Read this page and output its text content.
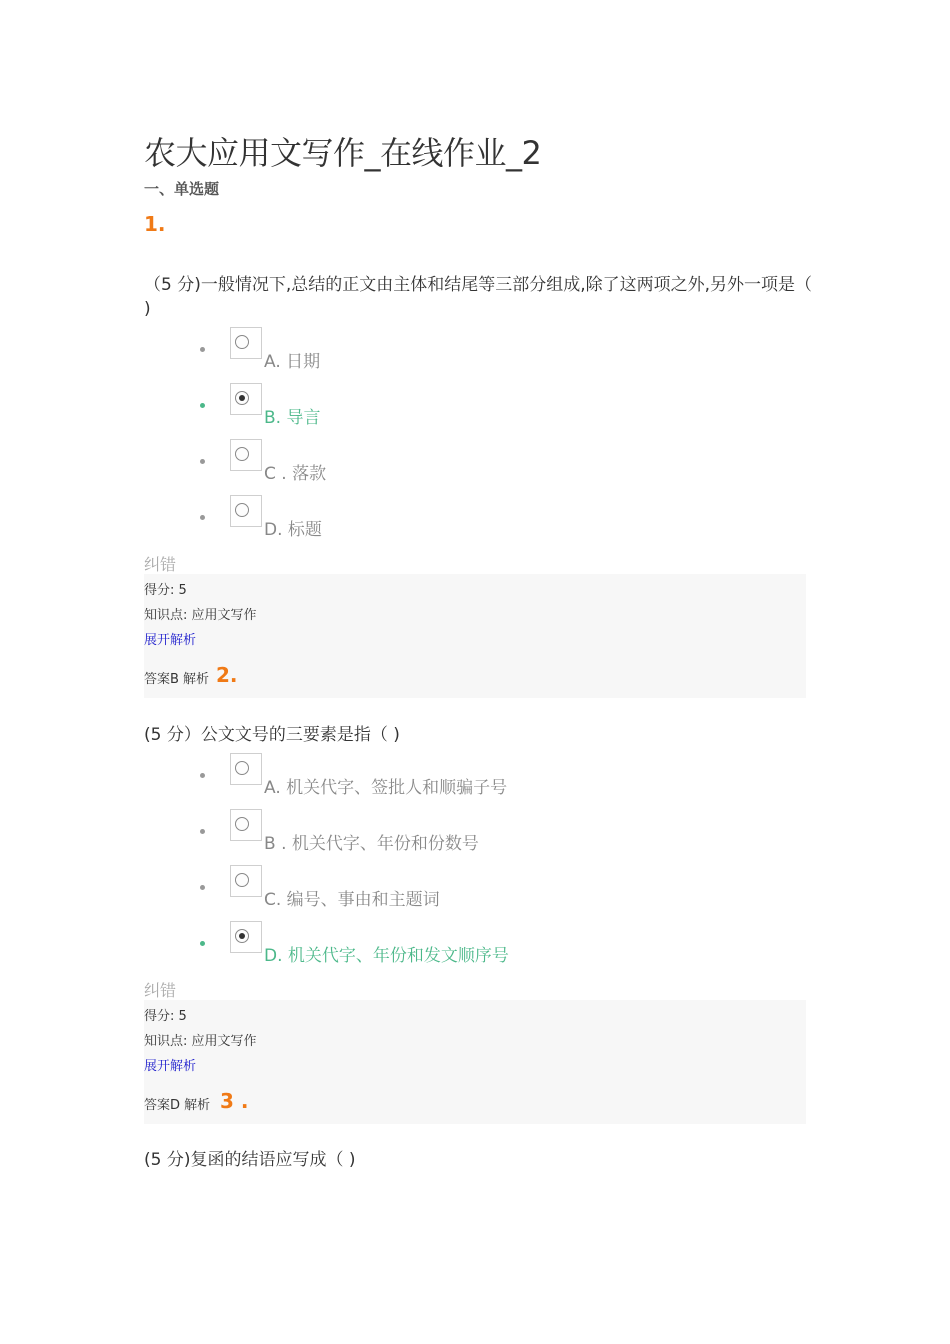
农大应用文写作_在线作业_2
一、单选题
1.
（5 分)一般情况下,总结的正文由主体和结尾等三部分组成,除了这两项之外,另外一项是（ )
A. 日期
B. 导言
C . 落款
D. 标题
纠错
得分: 5
知识点: 应用文写作
展开解析
答案B 解析 2.
(5 分）公文文号的三要素是指（ )
A. 机关代字、签批人和顺骗子号
B . 机关代字、年份和份数号
C. 编号、事由和主题词
D. 机关代字、年份和发文顺序号
纠错
得分: 5
知识点: 应用文写作
展开解析
答案D 解析 3 .
(5 分)复函的结语应写成（ )
